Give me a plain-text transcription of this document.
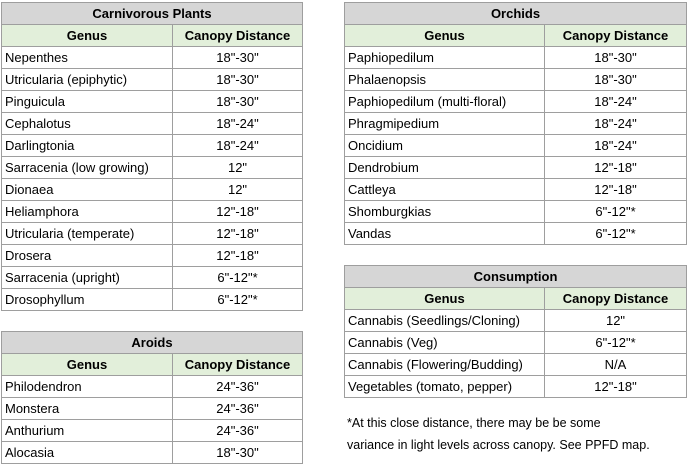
Carnivorous Plants	
Genus	Canopy Distance
Nepenthes	18"-30"
Utricularia (epiphytic)	18"-30"
Pinguicula	18"-30"
Cephalotus	18"-24"
Darlingtonia	18"-24"
Sarracenia (low growing)	12"
Dionaea	12"
Heliamphora	12"-18"
Utricularia (temperate)	12"-18"
Drosera	12"-18"
Sarracenia (upright)	6"-12"*
Drosophyllum	6"-12"*
Aroids	
Genus	Canopy Distance
Philodendron	24"-36"
Monstera	24"-36"
Anthurium	24"-36"
Alocasia	18"-30"
Orchids	
Genus	Canopy Distance
Paphiopedilum	18"-30"
Phalaenopsis	18"-30"
Paphiopedilum (multi-floral)	18"-24"
Phragmipedium	18"-24"
Oncidium	18"-24"
Dendrobium	12"-18"
Cattleya	12"-18"
Shomburgkias	6"-12"*
Vandas	6"-12"*
Consumption	
Genus	Canopy Distance
Cannabis (Seedlings/Cloning)	12"
Cannabis (Veg)	6"-12"*
Cannabis (Flowering/Budding)	N/A
Vegetables (tomato, pepper)	12"-18"
*At this close distance, there may be be some
variance in light levels across canopy. See PPFD map.
